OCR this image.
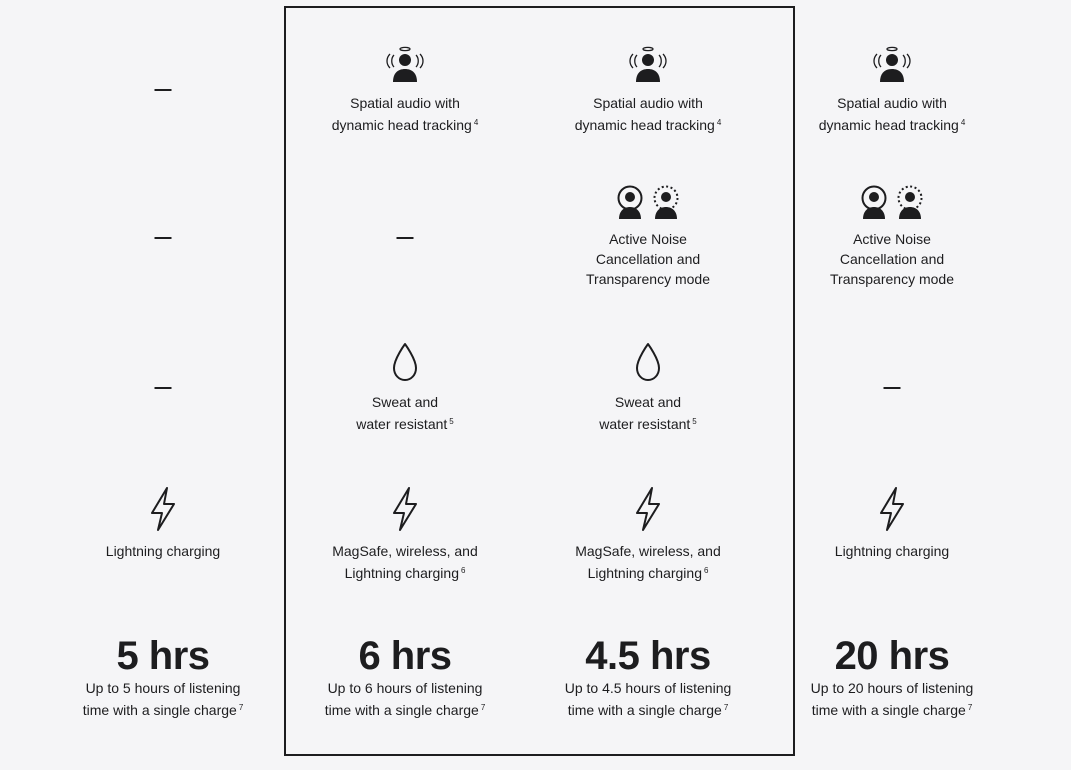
Lightning charging

5 hrs

Up to 5 hours of listening
time with a single charge $^7$

Spatial audio with
dynamic head tracking $^4$

Sweat and
water resistant $^5$

MagSafe, wireless, and
Lightning charging $^6$

6 hrs

Up to 6 hours of listening
time with a single charge $^7$

Spatial audio with
dynamic head tracking $^4$

Active Noise
Cancellation and
Transparency mode

Sweat and
water resistant $^5$

MagSafe, wireless, and
Lightning charging $^6$

4.5 hrs

Up to 4.5 hours of listening
time with a single charge $^7$

Spatial audio with
dynamic head tracking $^4$

Active Noise
Cancellation and
Transparency mode

Lightning charging

20 hrs

Up to 20 hours of listening
time with a single charge $^7$
